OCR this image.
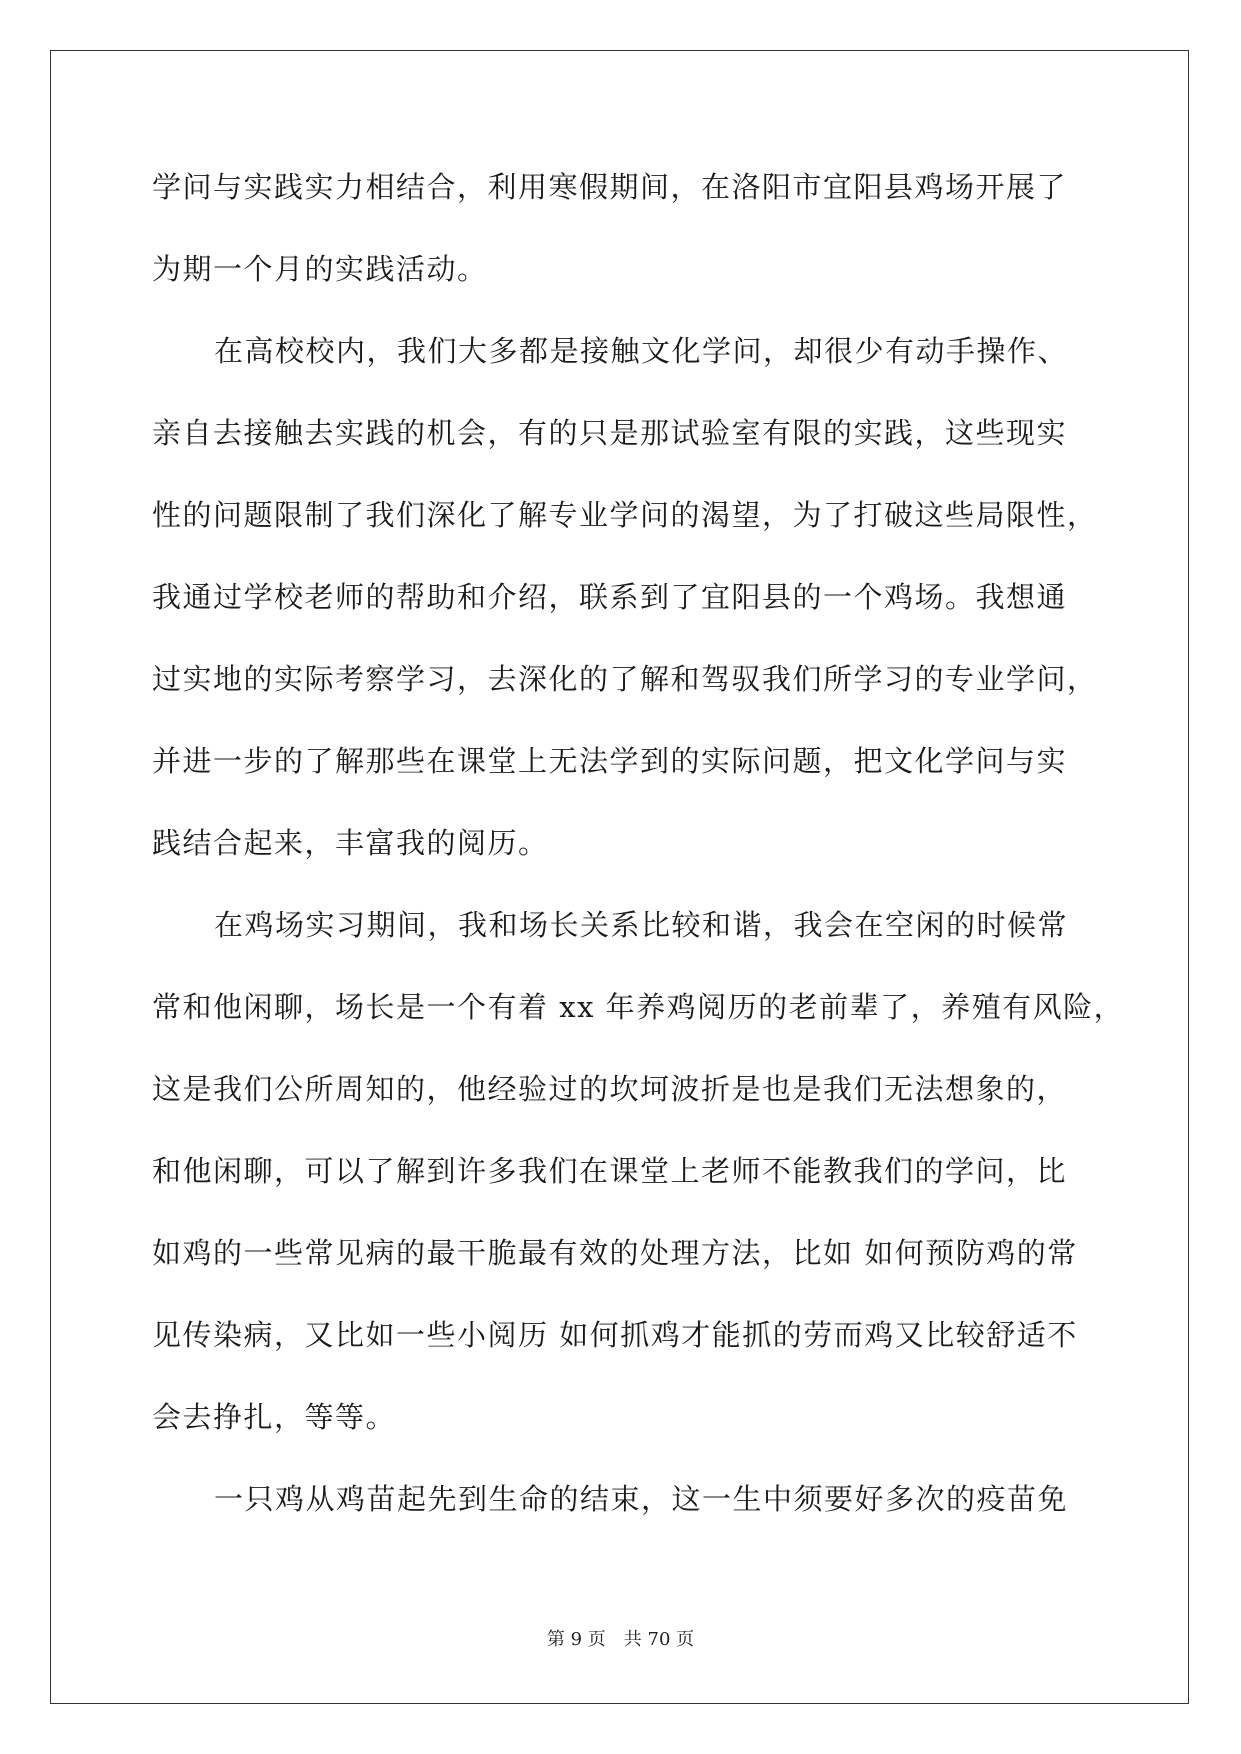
学问与实践实力相结合，利用寒假期间，在洛阳市宜阳县鸡场开展了
为期一个月的实践活动。
在高校校内，我们大多都是接触文化学问，却很少有动手操作、
亲自去接触去实践的机会，有的只是那试验室有限的实践，这些现实
性的问题限制了我们深化了解专业学问的渴望，为了打破这些局限性，
我通过学校老师的帮助和介绍，联系到了宜阳县的一个鸡场。我想通
过实地的实际考察学习，去深化的了解和驾驭我们所学习的专业学问，
并进一步的了解那些在课堂上无法学到的实际问题，把文化学问与实
践结合起来，丰富我的阅历。
在鸡场实习期间，我和场长关系比较和谐，我会在空闲的时候常
常和他闲聊，场长是一个有着 xx 年养鸡阅历的老前辈了，养殖有风险，
这是我们公所周知的，他经验过的坎坷波折是也是我们无法想象的，
和他闲聊，可以了解到许多我们在课堂上老师不能教我们的学问，比
如鸡的一些常见病的最干脆最有效的处理方法，比如 如何预防鸡的常
见传染病，又比如一些小阅历 如何抓鸡才能抓的劳而鸡又比较舒适不
会去挣扎，等等。
一只鸡从鸡苗起先到生命的结束，这一生中须要好多次的疫苗免
第 9 页 共 70 页
